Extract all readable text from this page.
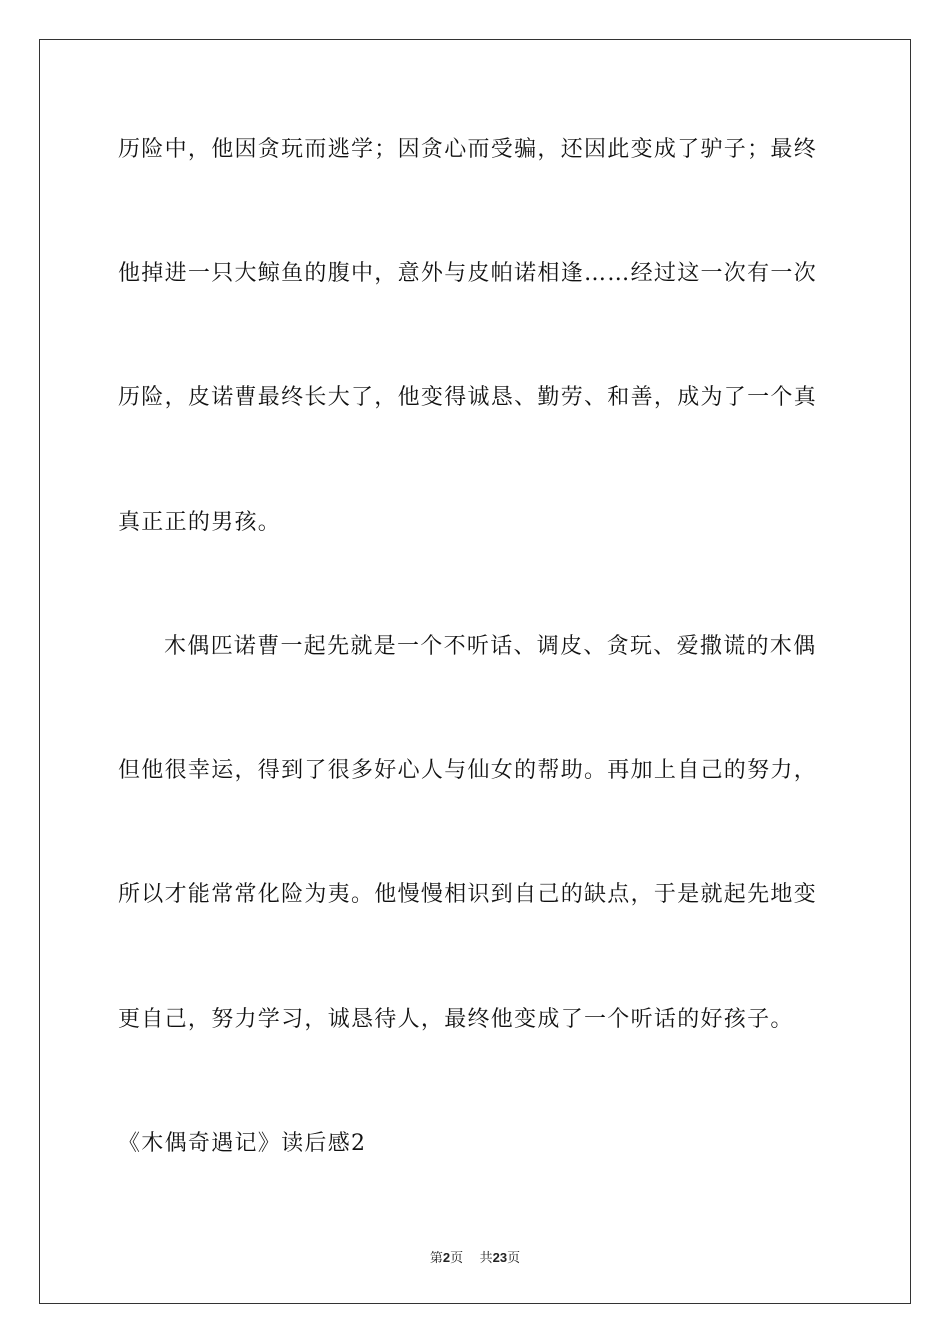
历险中，他因贪玩而逃学；因贪心而受骗，还因此变成了驴子；最终
他掉进一只大鲸鱼的腹中，意外与皮帕诺相逢……经过这一次有一次
历险，皮诺曹最终长大了，他变得诚恳、勤劳、和善，成为了一个真
真正正的男孩。
木偶匹诺曹一起先就是一个不听话、调皮、贪玩、爱撒谎的木偶
但他很幸运，得到了很多好心人与仙女的帮助。再加上自己的努力，
所以才能常常化险为夷。他慢慢相识到自己的缺点，于是就起先地变
更自己，努力学习，诚恳待人，最终他变成了一个听话的好孩子。
《木偶奇遇记》读后感2
第2页 共23页
